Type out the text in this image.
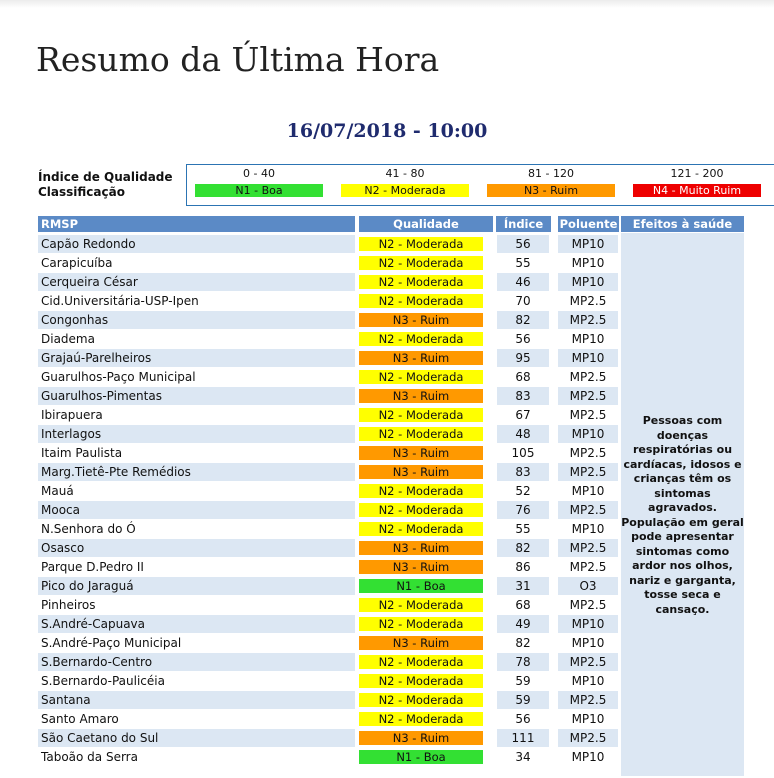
Resumo da Última Hora
16/07/2018 - 10:00
Índice de Qualidade
Classificação
0 - 40
N1 - Boa
41 - 80
N2 - Moderada
81 - 120
N3 - Ruim
121 - 200
N4 - Muito Ruim
RMSP	Qualidade	Índice	Poluente	Efeitos à saúde
Capão Redondo	N2 - Moderada	56	MP10
Carapicuíba	N2 - Moderada	55	MP10
Cerqueira César	N2 - Moderada	46	MP10
Cid.Universitária-USP-Ipen	N2 - Moderada	70	MP2.5
Congonhas	N3 - Ruim	82	MP2.5
Diadema	N2 - Moderada	56	MP10
Grajaú-Parelheiros	N3 - Ruim	95	MP10
Guarulhos-Paço Municipal	N2 - Moderada	68	MP2.5
Guarulhos-Pimentas	N3 - Ruim	83	MP2.5
Ibirapuera	N2 - Moderada	67	MP2.5
Interlagos	N2 - Moderada	48	MP10
Itaim Paulista	N3 - Ruim	105	MP2.5
Marg.Tietê-Pte Remédios	N3 - Ruim	83	MP2.5
Mauá	N2 - Moderada	52	MP10
Mooca	N2 - Moderada	76	MP2.5
N.Senhora do Ó	N2 - Moderada	55	MP10
Osasco	N3 - Ruim	82	MP2.5
Parque D.Pedro II	N3 - Ruim	86	MP2.5
Pico do Jaraguá	N1 - Boa	31	O3
Pinheiros	N2 - Moderada	68	MP2.5
S.André-Capuava	N2 - Moderada	49	MP10
S.André-Paço Municipal	N3 - Ruim	82	MP10
S.Bernardo-Centro	N2 - Moderada	78	MP2.5
S.Bernardo-Paulicéia	N2 - Moderada	59	MP10
Santana	N2 - Moderada	59	MP2.5
Santo Amaro	N2 - Moderada	56	MP10
São Caetano do Sul	N3 - Ruim	111	MP2.5
Taboão da Serra	N1 - Boa	34	MP10
Pessoas com doenças respiratórias ou cardíacas, idosos e crianças têm os sintomas agravados. População em geral pode apresentar sintomas como ardor nos olhos, nariz e garganta, tosse seca e cansaço.
